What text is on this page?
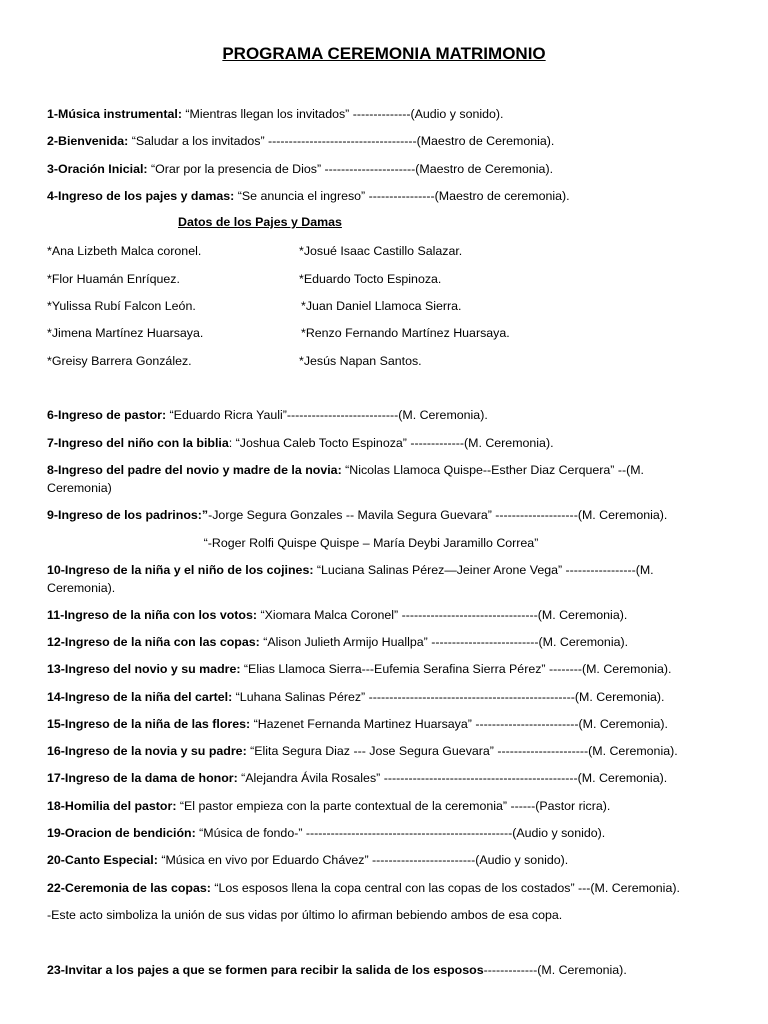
PROGRAMA CEREMONIA MATRIMONIO
1-Música instrumental: “Mientras llegan los invitados” --------------(Audio y sonido).
2-Bienvenida: “Saludar a los invitados” ------------------------------------(Maestro de Ceremonia).
3-Oración Inicial: “Orar por la presencia de Dios” ----------------------(Maestro de Ceremonia).
4-Ingreso de los pajes y damas: “Se anuncia el ingreso” ----------------(Maestro de ceremonia).
Datos de los Pajes y Damas
*Ana Lizbeth Malca coronel.
*Flor Huamán Enríquez.
*Yulissa Rubí Falcon León.
*Jimena Martínez Huarsaya.
*Greisy Barrera González.
*Josué Isaac Castillo Salazar.
*Eduardo Tocto Espinoza.
*Juan Daniel Llamoca Sierra.
*Renzo Fernando Martínez Huarsaya.
*Jesús Napan Santos.
6-Ingreso de pastor: “Eduardo Ricra Yauli”---------------------------(M. Ceremonia).
7-Ingreso del niño con la biblia: “Joshua Caleb Tocto Espinoza” -------------(M. Ceremonia).
8-Ingreso del padre del novio y madre de la novia: “Nicolas Llamoca Quispe--Esther Diaz Cerquera” --(M. Ceremonia)
9-Ingreso de los padrinos:”-Jorge Segura Gonzales -- Mavila Segura Guevara” --------------------(M. Ceremonia).
“-Roger Rolfi Quispe Quispe – María Deybi Jaramillo Correa”
10-Ingreso de la niña y el niño de los cojines: “Luciana Salinas Pérez—Jeiner Arone Vega” -----------------(M. Ceremonia).
11-Ingreso de la niña con los votos: “Xiomara Malca Coronel” ---------------------------------(M. Ceremonia).
12-Ingreso de la niña con las copas: “Alison Julieth Armijo Huallpa” --------------------------(M. Ceremonia).
13-Ingreso del novio y su madre: “Elias Llamoca Sierra---Eufemia Serafina Sierra Pérez” --------(M. Ceremonia).
14-Ingreso de la niña del cartel: “Luhana Salinas Pérez” --------------------------------------------------(M. Ceremonia).
15-Ingreso de la niña de las flores: “Hazenet Fernanda Martinez Huarsaya” -------------------------(M. Ceremonia).
16-Ingreso de la novia y su padre: “Elita Segura Diaz --- Jose Segura Guevara” ----------------------(M. Ceremonia).
17-Ingreso de la dama de honor: “Alejandra Ávila Rosales” -----------------------------------------------(M. Ceremonia).
18-Homilia del pastor: “El pastor empieza con la parte contextual de la ceremonia” ------(Pastor ricra).
19-Oracion de bendición: “Música de fondo-” --------------------------------------------------(Audio y sonido).
20-Canto Especial: “Música en vivo por Eduardo Chávez” -------------------------(Audio y sonido).
22-Ceremonia de las copas: “Los esposos llena la copa central con las copas de los costados” ---(M. Ceremonia).
-Este acto simboliza la unión de sus vidas por último lo afirman bebiendo ambos de esa copa.
23-Invitar a los pajes a que se formen para recibir la salida de los esposos-------------(M. Ceremonia).
